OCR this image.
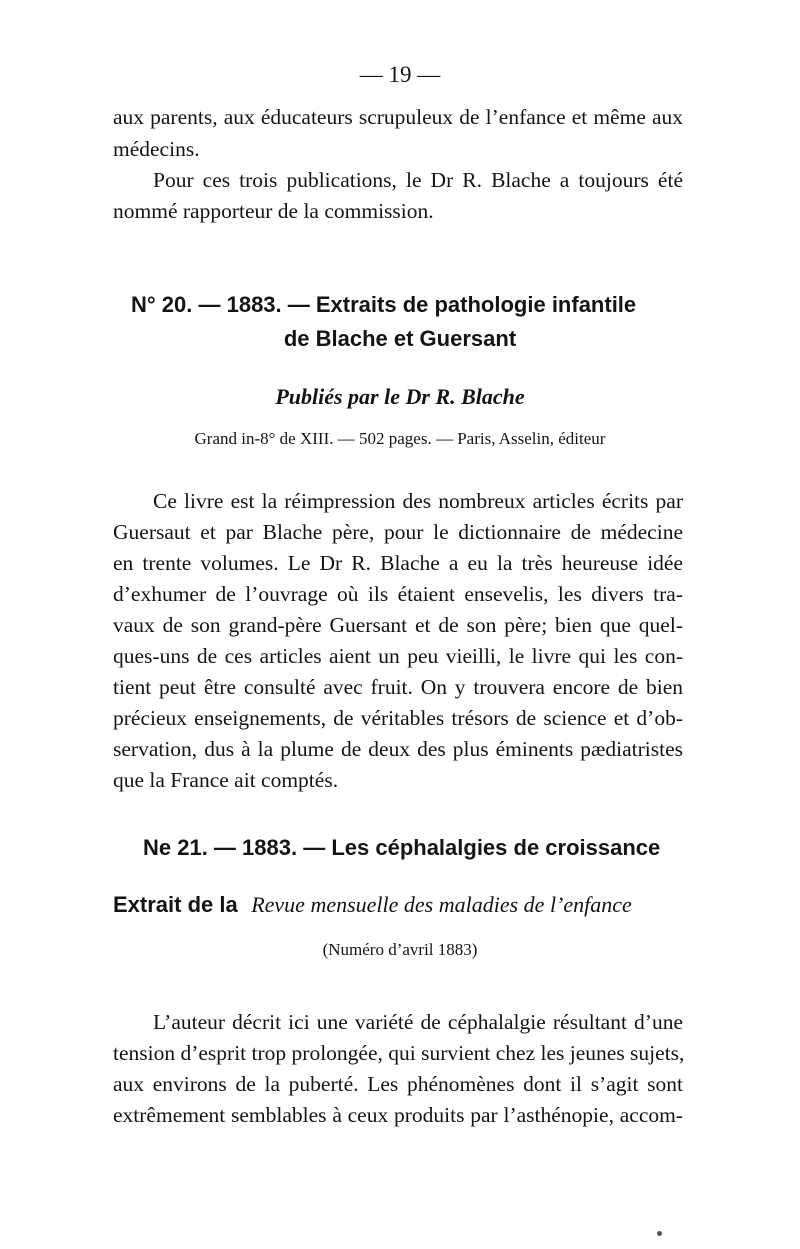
— 19 —
aux parents, aux éducateurs scrupuleux de l’enfance et même aux
médecins.
Pour ces trois publications, le Dr R. Blache a toujours été
nommé rapporteur de la commission.
N° 20. — 1883. — Extraits de pathologie infantile
de Blache et Guersant
Publiés par le Dr R. Blache
Grand in-8° de XIII. — 502 pages. — Paris, Asselin, éditeur
Ce livre est la réimpression des nombreux articles écrits par
Guersaut et par Blache père, pour le dictionnaire de médecine
en trente volumes. Le Dr R. Blache a eu la très heureuse idée
d’exhumer de l’ouvrage où ils étaient ensevelis, les divers tra-
vaux de son grand-père Guersant et de son père; bien que quel-
ques-uns de ces articles aient un peu vieilli, le livre qui les con-
tient peut être consulté avec fruit. On y trouvera encore de bien
précieux enseignements, de véritables trésors de science et d’ob-
servation, dus à la plume de deux des plus éminents pædiatristes
que la France ait comptés.
Ne 21. — 1883. — Les céphalalgies de croissance
Extrait de la Revue mensuelle des maladies de l’enfance
(Numéro d’avril 1883)
L’auteur décrit ici une variété de céphalalgie résultant d’une
tension d’esprit trop prolongée, qui survient chez les jeunes sujets,
aux environs de la puberté. Les phénomènes dont il s’agit sont
extrêmement semblables à ceux produits par l’asthénopie, accom-
